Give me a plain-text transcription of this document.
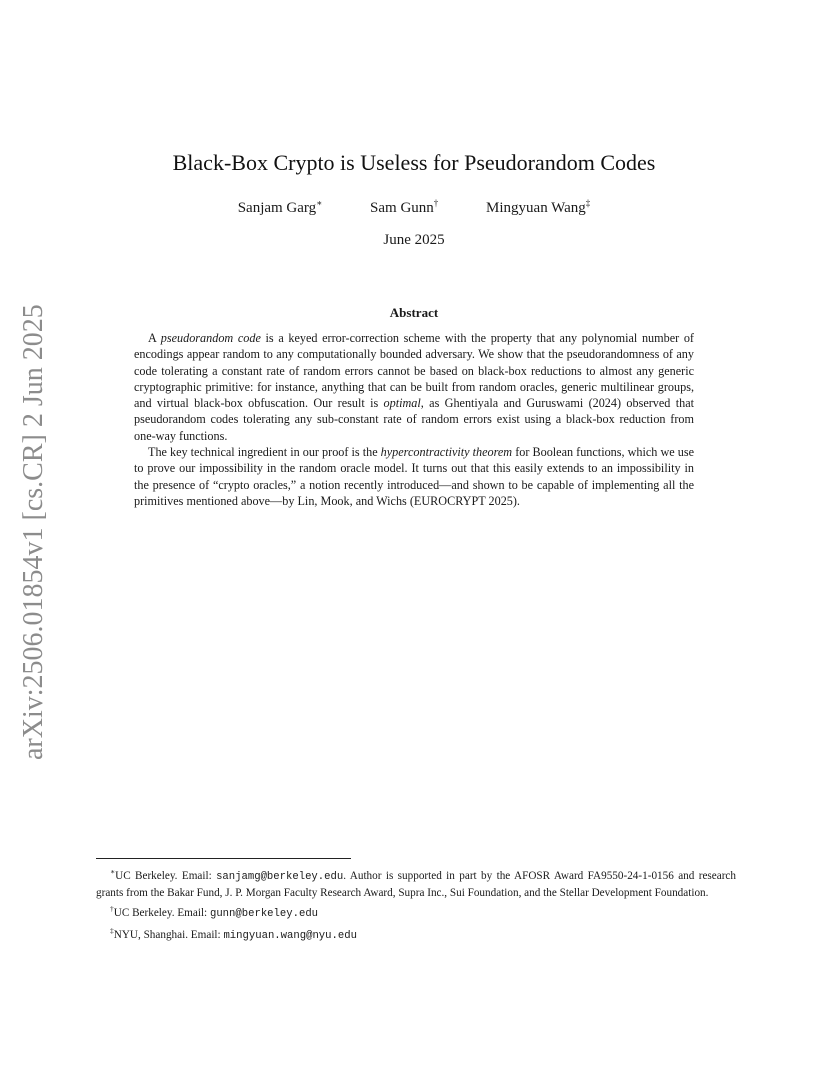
arXiv:2506.01854v1 [cs.CR] 2 Jun 2025
Black-Box Crypto is Useless for Pseudorandom Codes
Sanjam Garg∗	Sam Gunn†	Mingyuan Wang‡
June 2025
Abstract

A pseudorandom code is a keyed error-correction scheme with the property that any polynomial number of encodings appear random to any computationally bounded adversary. We show that the pseudorandomness of any code tolerating a constant rate of random errors cannot be based on black-box reductions to almost any generic cryptographic primitive: for instance, anything that can be built from random oracles, generic multilinear groups, and virtual black-box obfuscation. Our result is optimal, as Ghentiyala and Guruswami (2024) observed that pseudorandom codes tolerating any sub-constant rate of random errors exist using a black-box reduction from one-way functions.

The key technical ingredient in our proof is the hypercontractivity theorem for Boolean functions, which we use to prove our impossibility in the random oracle model. It turns out that this easily extends to an impossibility in the presence of “crypto oracles,” a notion recently introduced—and shown to be capable of implementing all the primitives mentioned above—by Lin, Mook, and Wichs (EUROCRYPT 2025).

∗UC Berkeley. Email: sanjamg@berkeley.edu. Author is supported in part by the AFOSR Award FA9550-24-1-0156 and research grants from the Bakar Fund, J. P. Morgan Faculty Research Award, Supra Inc., Sui Foundation, and the Stellar Development Foundation.

†UC Berkeley. Email: gunn@berkeley.edu

‡NYU, Shanghai. Email: mingyuan.wang@nyu.edu
